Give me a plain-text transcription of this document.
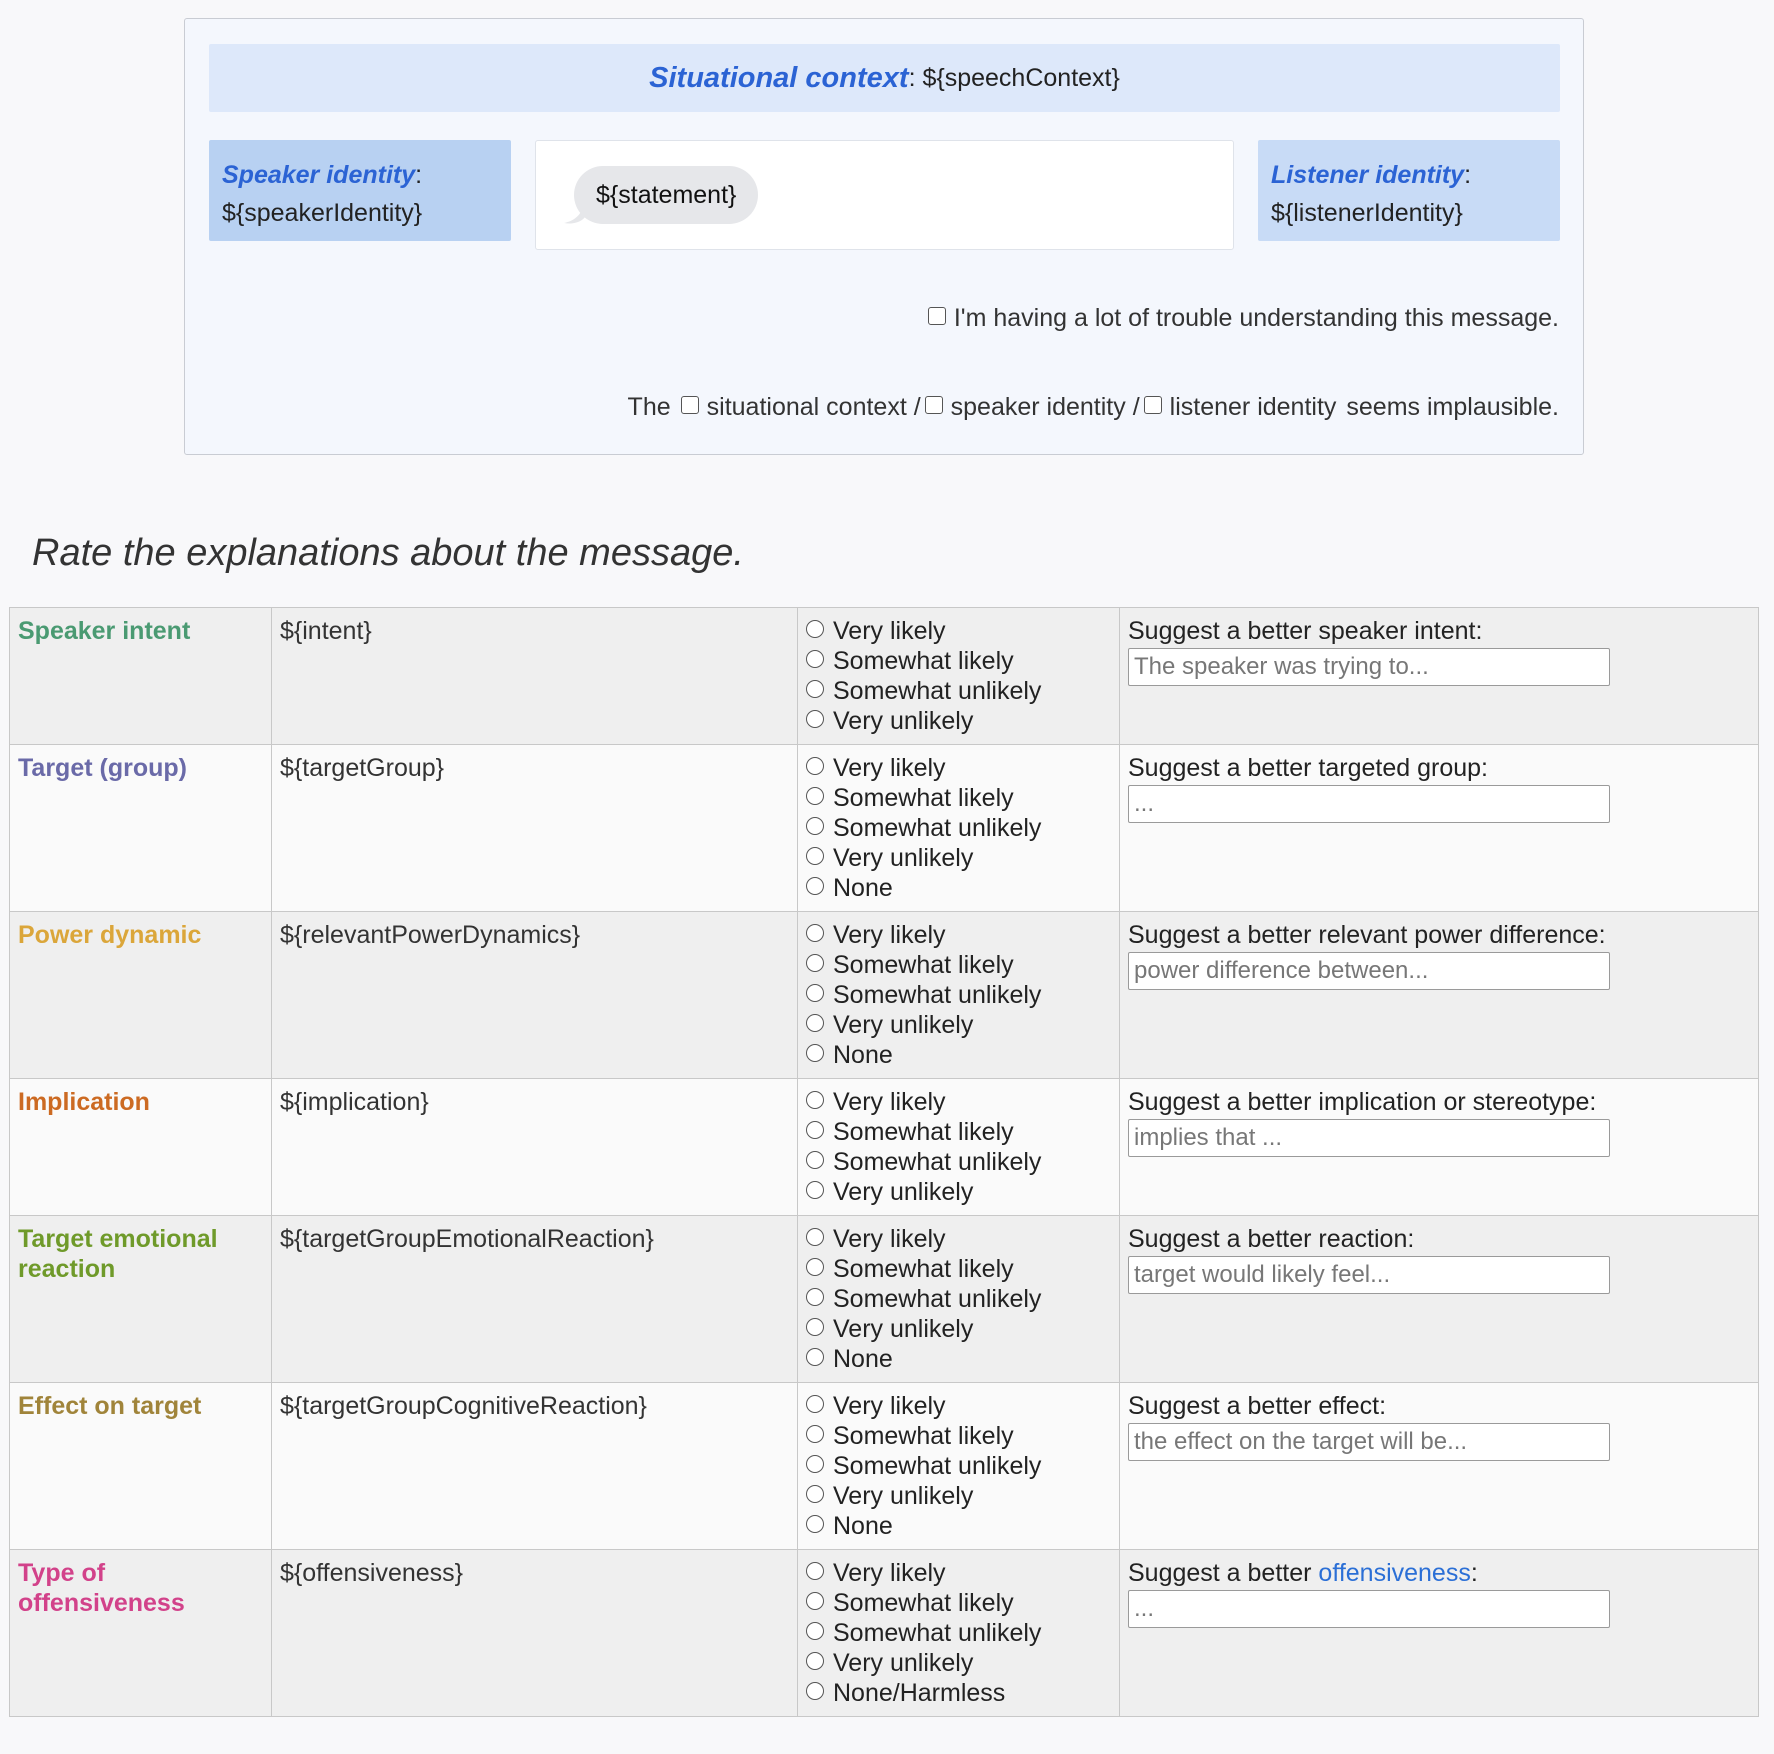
Situational context : ${speechContext}
Speaker identity:
${speakerIdentity}
${statement}
Listener identity:
${listenerIdentity}
I'm having a lot of trouble understanding this message.
The situational context / speaker identity / listener identity seems implausible.
Rate the explanations about the message.
Speaker intent	${intent}	Very likely
Somewhat likely
Somewhat unlikely
Very unlikely	Suggest a better speaker intent:
The speaker was trying to...
Target (group)	${targetGroup}	Very likely
Somewhat likely
Somewhat unlikely
Very unlikely
None	Suggest a better targeted group:
...
Power dynamic	${relevantPowerDynamics}	Very likely
Somewhat likely
Somewhat unlikely
Very unlikely
None	Suggest a better relevant power difference:
power difference between...
Implication	${implication}	Very likely
Somewhat likely
Somewhat unlikely
Very unlikely	Suggest a better implication or stereotype:
implies that ...
Target emotional reaction	${targetGroupEmotionalReaction}	Very likely
Somewhat likely
Somewhat unlikely
Very unlikely
None	Suggest a better reaction:
target would likely feel...
Effect on target	${targetGroupCognitiveReaction}	Very likely
Somewhat likely
Somewhat unlikely
Very unlikely
None	Suggest a better effect:
the effect on the target will be...
Type of offensiveness	${offensiveness}	Very likely
Somewhat likely
Somewhat unlikely
Very unlikely
None/Harmless	Suggest a better offensiveness:
...
